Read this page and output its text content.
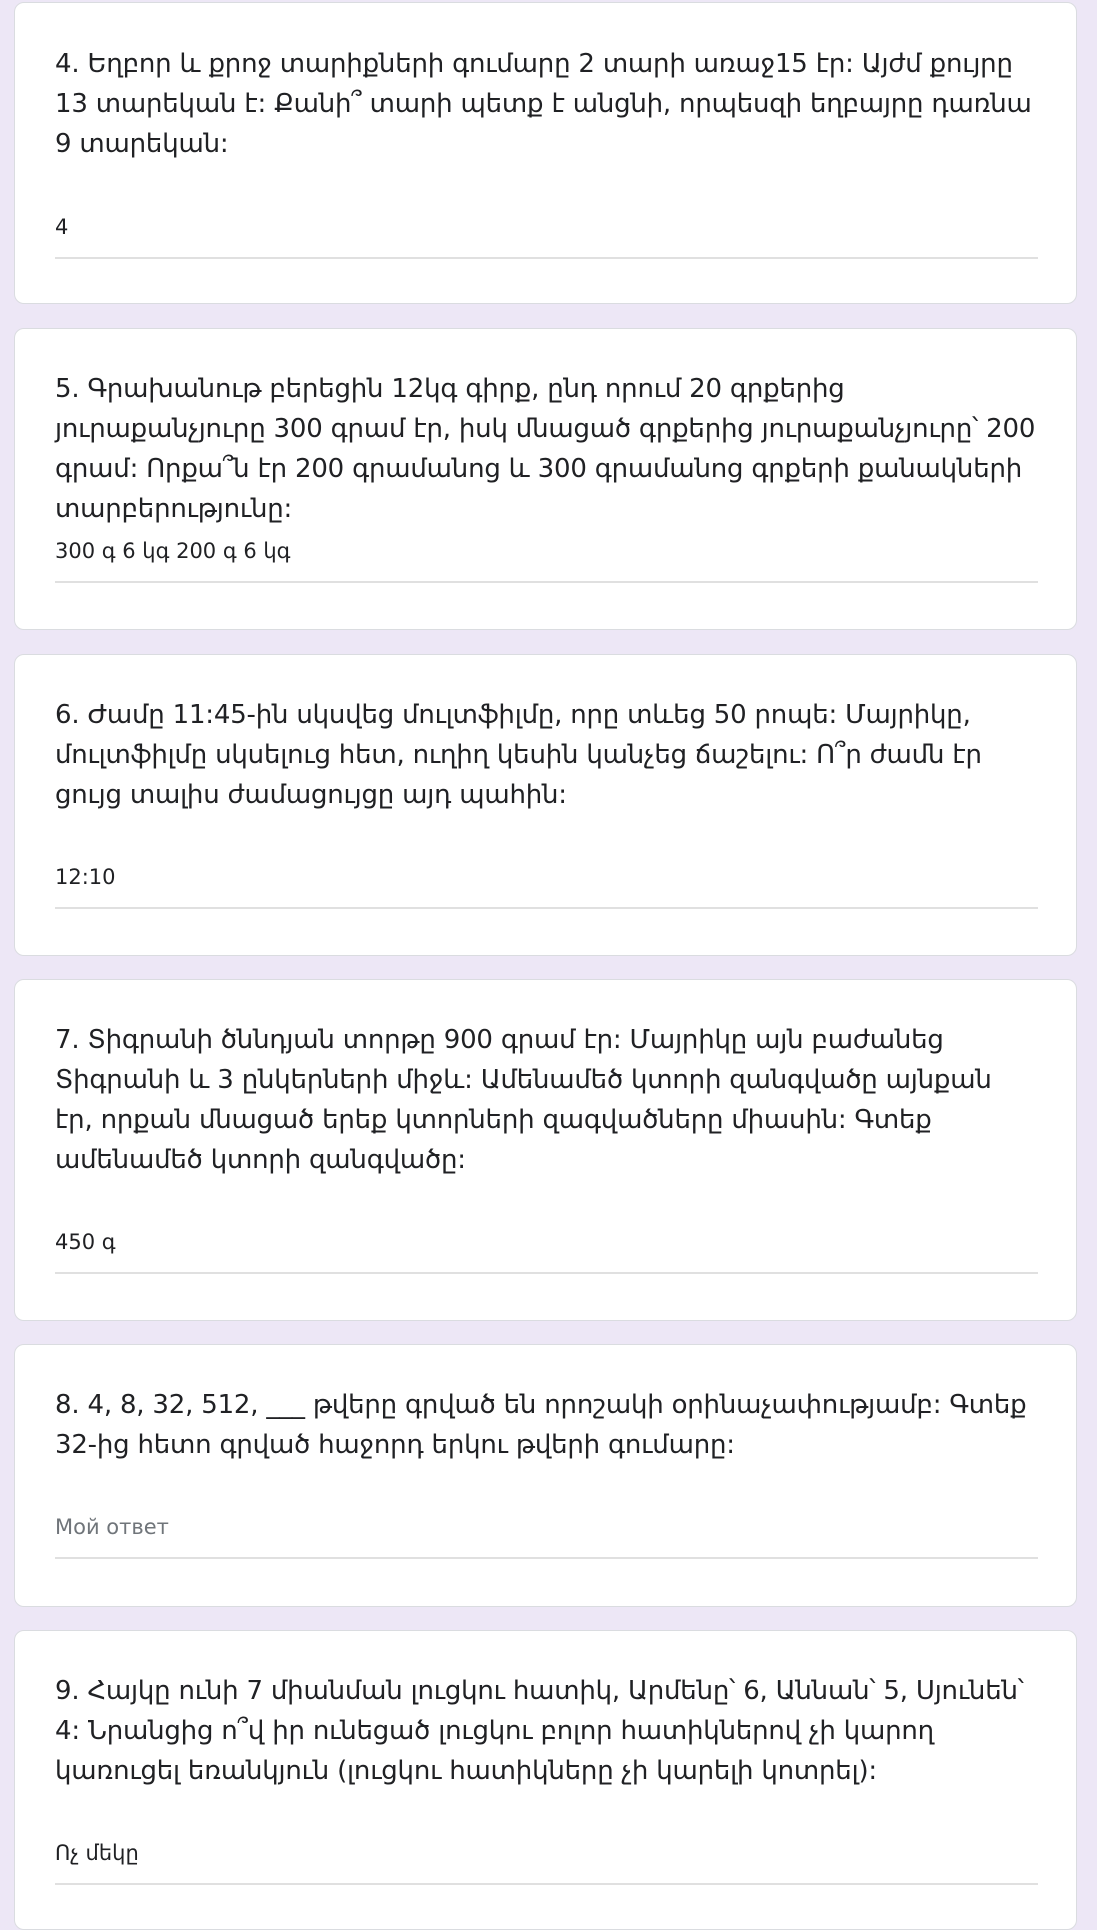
4. Եղբոր և քրոջ տարիքների գումարը 2 տարի առաջ15 էր: Այժմ քույրը 13 տարեկան է: Քանի՞ տարի պետք է անցնի, որպեսզի եղբայրը դառնա 9 տարեկան:

4

5. Գրախանութ բերեցին 12կգ գիրք, ընդ որում 20 գրքերից յուրաքանչյուրը 300 գրամ էր, իսկ մնացած գրքերից յուրաքանչյուրը՝ 200 գրամ: Որքա՞ն էր 200 գրամանոց և 300 գրամանոց գրքերի քանակների տարբերությունը:

300 գ 6 կգ 200 գ 6 կգ

6. Ժամը 11:45-ին սկսվեց մուլտֆիլմը, որը տևեց 50 րոպե: Մայրիկը, մուլտֆիլմը սկսելուց հետ, ուղիղ կեսին կանչեց ճաշելու: Ո՞ր ժամն էր ցույց տալիս ժամացույցը այդ պահին:

12:10

7. Տիգրանի ծննդյան տորթը 900 գրամ էր: Մայրիկը այն բաժանեց Տիգրանի և 3 ընկերների միջև: Ամենամեծ կտորի զանգվածը այնքան էր, որքան մնացած երեք կտորների զագվածները միասին: Գտեք ամենամեծ կտորի զանգվածը:

450 գ

8. 4, 8, 32, 512, ___ թվերը գրված են որոշակի օրինաչափությամբ: Գտեք 32-ից հետո գրված հաջորդ երկու թվերի գումարը:

Мой ответ

9. Հայկը ունի 7 միանման լուցկու հատիկ, Արմենը՝ 6, Աննան՝ 5, Սյունեն՝ 4: Նրանցից ո՞վ իր ունեցած լուցկու բոլոր հատիկներով չի կարող կառուցել եռանկյուն (լուցկու հատիկները չի կարելի կոտրել):

Ոչ մեկը
